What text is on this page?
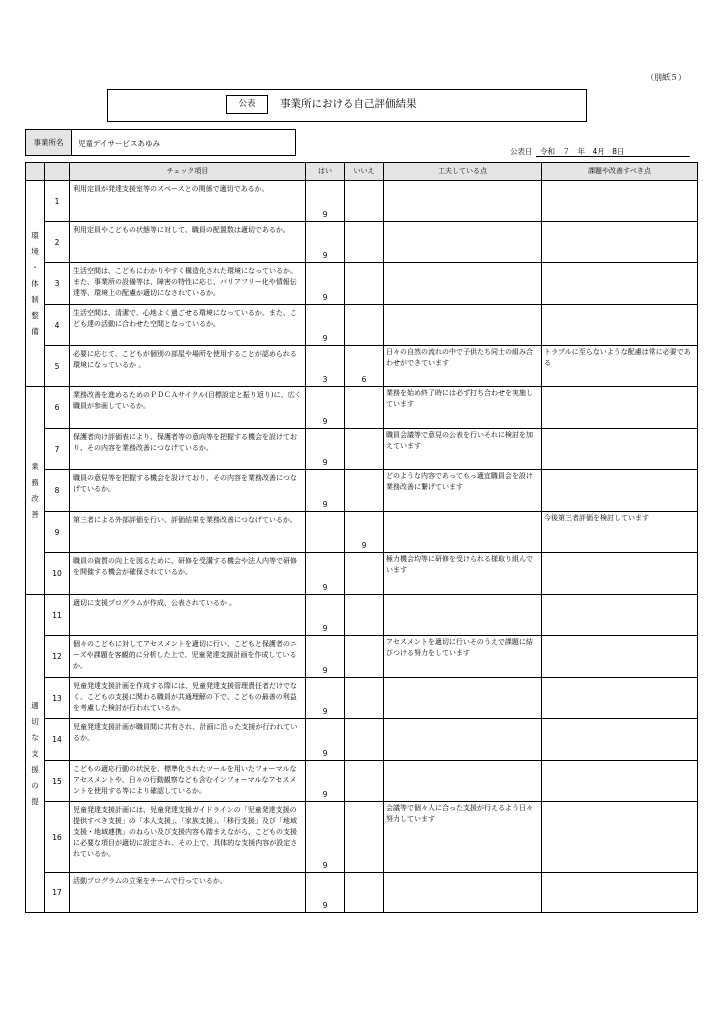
（別紙５）
公表	事業所における自己評価結果
事業所名	児童デイサービスあゆみ
公表日　令和　７　年　4月　8日
		チェック項目	はい	いいえ	工夫している点	課題や改善すべき点

環境・体制整備	1	利用定員が発達支援室等のスペースとの関係で適切であるか。	9			
	2	利用定員やこどもの状態等に対して、職員の配置数は適切であるか。	9			
	3	生活空間は、こどもにわかりやすく構造化された環境になっているか。また、事業所の設備等は、障害の特性に応じ、バリアフリー化や情報伝達等、環境上の配慮が適切になされているか。	9			
	4	生活空間は、清潔で、心地よく過ごせる環境になっているか。また、こども達の活動に合わせた空間となっているか。	9			
	5	必要に応じて、こどもが個別の部屋や場所を使用することが認められる環境になっているか 。	3	6	日々の自然の流れの中で子供たち同士の組み合わせができています	トラブルに至らないような配慮は常に必要である

業務改善	6	業務改善を進めるためのＰＤＣＡサイクル(目標設定と振り返り)に、広く職員が参画しているか。	9		業務を始め終了時には必ず打ち合わせを実施しています	
	7	保護者向け評価表により、保護者等の意向等を把握する機会を設けており、その内容を業務改善につなげているか。	9		職員会議等で意見の公表を行いそれに検討を加えています	
	8	職員の意見等を把握する機会を設けており、その内容を業務改善につなげているか。	9		どのような内容であってもっ適宜職員会を設け業務改善に繋げています	
	9	第三者による外部評価を行い、評価結果を業務改善につなげているか。		9		今後第三者評価を検討しています
	10	職員の資質の向上を図るために、研修を受講する機会や法人内等で研修を開催する機会が確保されているか。	9		極力機会均等に研修を受けられる様取り組んでいます	

適切な支援の提	11	適切に支援プログラムが作成、公表されているか 。	9			
	12	個々のこどもに対してアセスメントを適切に行い、こどもと保護者のニーズや課題を客観的に分析した上で、児童発達支援計画を作成しているか。	9		アセスメントを適切に行いそのうえで課題に結びつける努力をしています	
	13	児童発達支援計画を作成する際には、児童発達支援管理責任者だけでなく、こどもの支援に関わる職員が共通理解の下で、こどもの最善の利益を考慮した検討が行われているか。	9			
	14	児童発達支援計画が職員間に共有され、計画に沿った支援が行われているか。	9			
	15	こどもの適応行動の状況を、標準化されたツールを用いたフォーマルなアセスメントや、日々の行動観察なども含むインフォーマルなアセスメントを使用する等により確認しているか。	9			
	16	児童発達支援計画には、児童発達支援ガイドラインの「児童発達支援の提供すべき支援」の「本人支援」、「家族支援」、「移行支援」及び「地域支援・地域連携」のねらい及び支援内容も踏まえながら、こどもの支援に必要な項目が適切に設定され、その上で、具体的な支援内容が設定されているか。	9		会議等で個々人に合った支援が行えるよう日々努力しています	
	17	活動プログラムの立案をチームで行っているか。	9			
